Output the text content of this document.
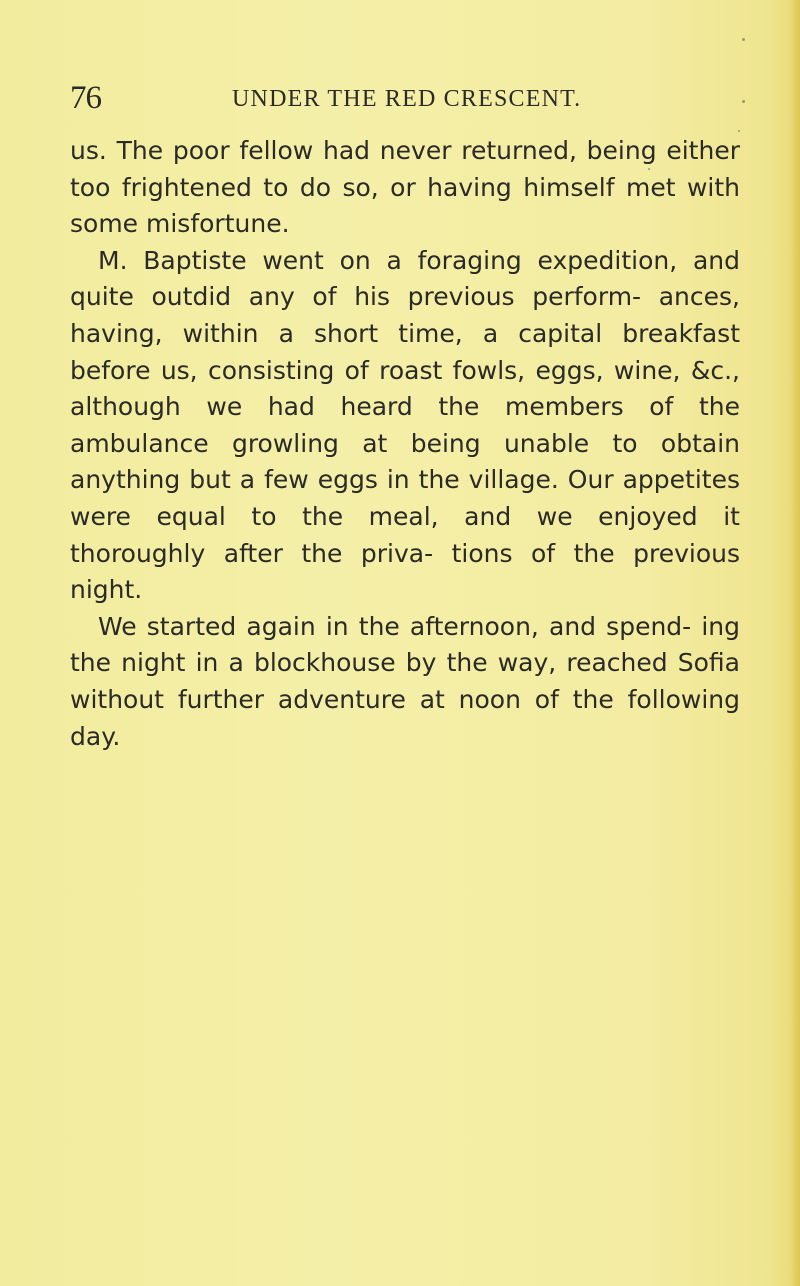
76	UNDER THE RED CRESCENT.

us. The poor fellow had never returned, being either too frightened to do so, or having himself met with some misfortune.

M. Baptiste went on a foraging expedition, and quite outdid any of his previous perform- ances, having, within a short time, a capital breakfast before us, consisting of roast fowls, eggs, wine, &c., although we had heard the members of the ambulance growling at being unable to obtain anything but a few eggs in the village. Our appetites were equal to the meal, and we enjoyed it thoroughly after the priva- tions of the previous night.

We started again in the afternoon, and spend- ing the night in a blockhouse by the way, reached Sofia without further adventure at noon of the following day.
